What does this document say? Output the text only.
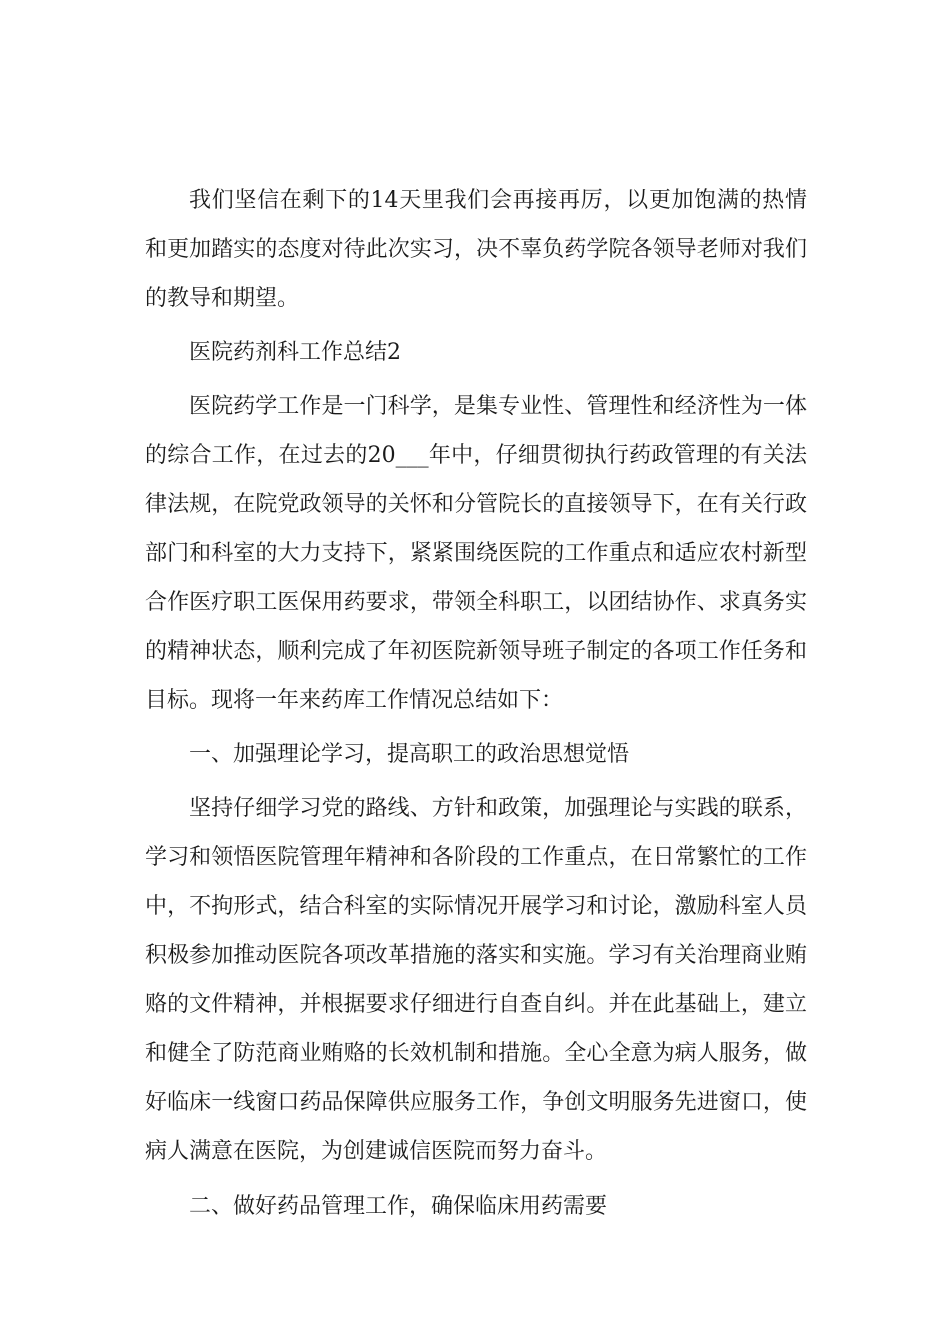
我们坚信在剩下的14天里我们会再接再厉，以更加饱满的热情和更加踏实的态度对待此次实习，决不辜负药学院各领导老师对我们的教导和期望。

医院药剂科工作总结2

医院药学工作是一门科学，是集专业性、管理性和经济性为一体的综合工作，在过去的20___年中，仔细贯彻执行药政管理的有关法律法规，在院党政领导的关怀和分管院长的直接领导下，在有关行政部门和科室的大力支持下，紧紧围绕医院的工作重点和适应农村新型合作医疗职工医保用药要求，带领全科职工，以团结协作、求真务实的精神状态，顺利完成了年初医院新领导班子制定的各项工作任务和目标。现将一年来药库工作情况总结如下：

一、加强理论学习，提高职工的政治思想觉悟

坚持仔细学习党的路线、方针和政策，加强理论与实践的联系，学习和领悟医院管理年精神和各阶段的工作重点，在日常繁忙的工作中，不拘形式，结合科室的实际情况开展学习和讨论，激励科室人员积极参加推动医院各项改革措施的落实和实施。学习有关治理商业贿赂的文件精神，并根据要求仔细进行自查自纠。并在此基础上，建立和健全了防范商业贿赂的长效机制和措施。全心全意为病人服务，做好临床一线窗口药品保障供应服务工作，争创文明服务先进窗口，使病人满意在医院，为创建诚信医院而努力奋斗。

二、做好药品管理工作，确保临床用药需要
